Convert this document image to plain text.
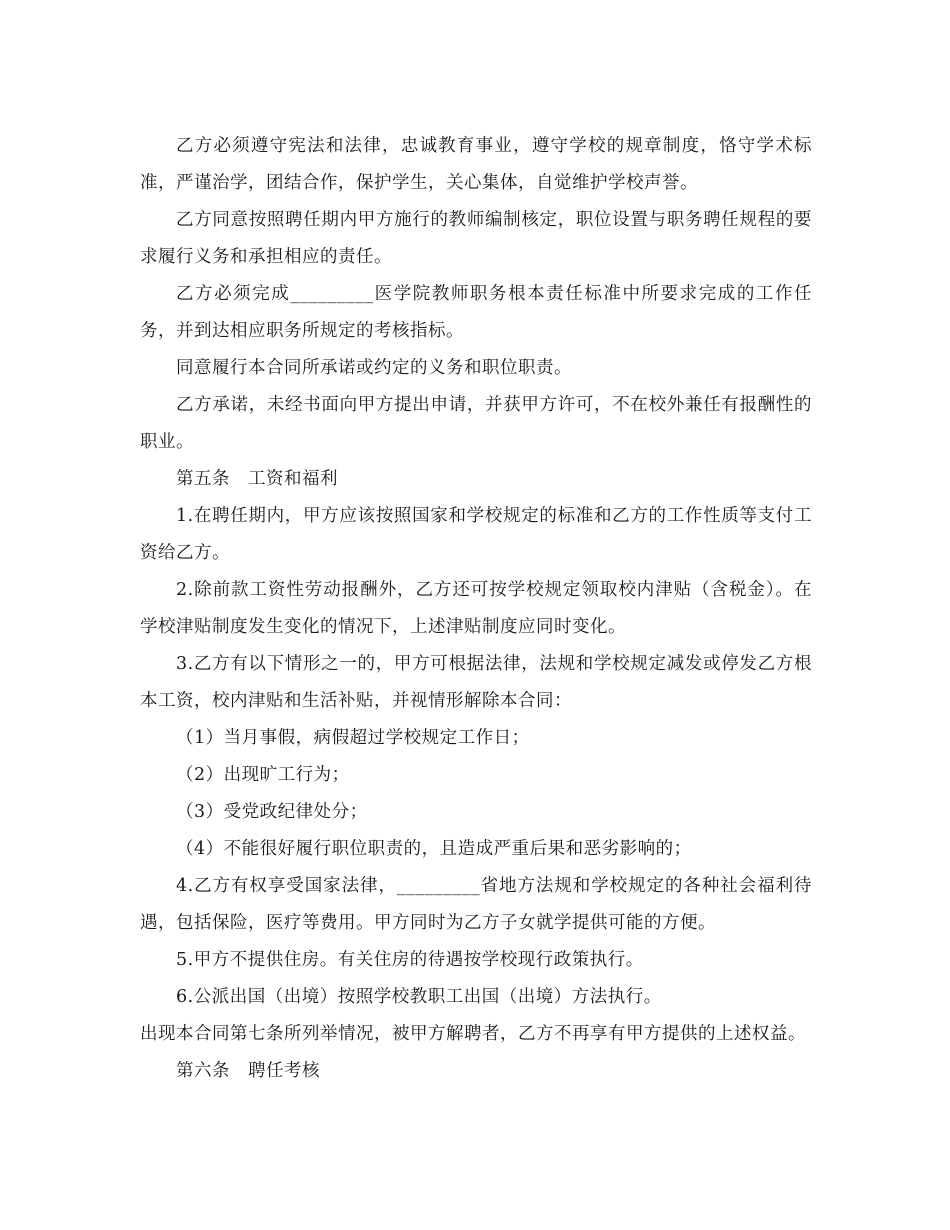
乙方必须遵守宪法和法律，忠诚教育事业，遵守学校的规章制度，恪守学术标准，严谨治学，团结合作，保护学生，关心集体，自觉维护学校声誉。

乙方同意按照聘任期内甲方施行的教师编制核定，职位设置与职务聘任规程的要求履行义务和承担相应的责任。

乙方必须完成_________医学院教师职务根本责任标准中所要求完成的工作任务，并到达相应职务所规定的考核指标。

同意履行本合同所承诺或约定的义务和职位职责。

乙方承诺，未经书面向甲方提出申请，并获甲方许可，不在校外兼任有报酬性的职业。

第五条　工资和福利

1.在聘任期内，甲方应该按照国家和学校规定的标准和乙方的工作性质等支付工资给乙方。

2.除前款工资性劳动报酬外，乙方还可按学校规定领取校内津贴（含税金）。在学校津贴制度发生变化的情况下，上述津贴制度应同时变化。

3.乙方有以下情形之一的，甲方可根据法律，法规和学校规定减发或停发乙方根本工资，校内津贴和生活补贴，并视情形解除本合同：

（1）当月事假，病假超过学校规定工作日；

（2）出现旷工行为；

（3）受党政纪律处分；

（4）不能很好履行职位职责的，且造成严重后果和恶劣影响的；

4.乙方有权享受国家法律，_________省地方法规和学校规定的各种社会福利待遇，包括保险，医疗等费用。甲方同时为乙方子女就学提供可能的方便。

5.甲方不提供住房。有关住房的待遇按学校现行政策执行。

6.公派出国（出境）按照学校教职工出国（出境）方法执行。

出现本合同第七条所列举情况，被甲方解聘者，乙方不再享有甲方提供的上述权益。

第六条　聘任考核
